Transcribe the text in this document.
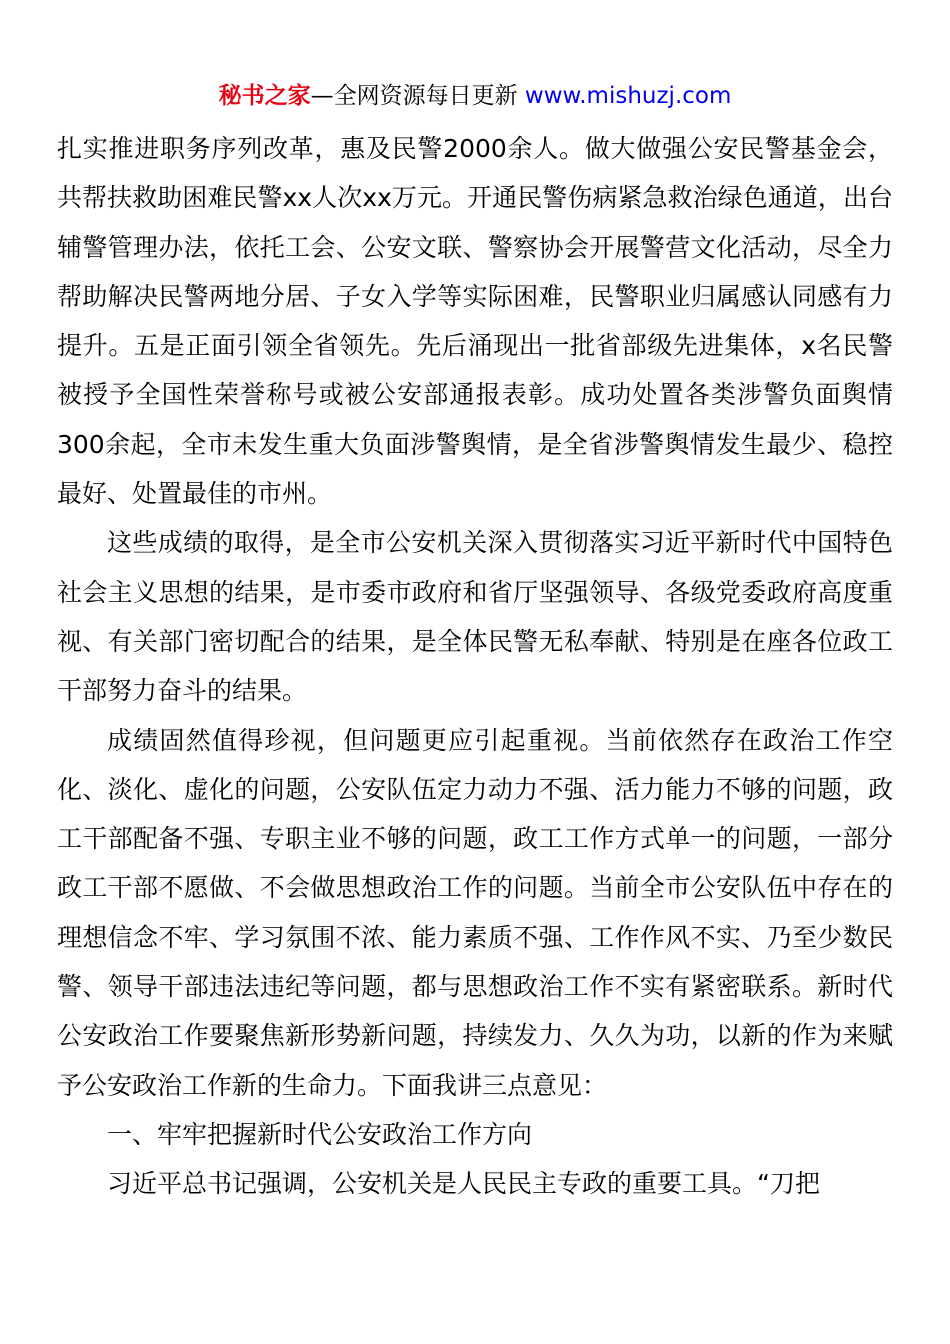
秘书之家—全网资源每日更新 www.mishuzj.com

扎实推进职务序列改革，惠及民警2000余人。做大做强公安民警基金会，共帮扶救助困难民警xx人次xx万元。开通民警伤病紧急救治绿色通道，出台辅警管理办法，依托工会、公安文联、警察协会开展警营文化活动，尽全力帮助解决民警两地分居、子女入学等实际困难，民警职业归属感认同感有力提升。五是正面引领全省领先。先后涌现出一批省部级先进集体，x名民警被授予全国性荣誉称号或被公安部通报表彰。成功处置各类涉警负面舆情300余起，全市未发生重大负面涉警舆情，是全省涉警舆情发生最少、稳控最好、处置最佳的市州。

这些成绩的取得，是全市公安机关深入贯彻落实习近平新时代中国特色社会主义思想的结果，是市委市政府和省厅坚强领导、各级党委政府高度重视、有关部门密切配合的结果，是全体民警无私奉献、特别是在座各位政工干部努力奋斗的结果。

成绩固然值得珍视，但问题更应引起重视。当前依然存在政治工作空化、淡化、虚化的问题，公安队伍定力动力不强、活力能力不够的问题，政工干部配备不强、专职主业不够的问题，政工工作方式单一的问题，一部分政工干部不愿做、不会做思想政治工作的问题。当前全市公安队伍中存在的理想信念不牢、学习氛围不浓、能力素质不强、工作作风不实、乃至少数民警、领导干部违法违纪等问题，都与思想政治工作不实有紧密联系。新时代公安政治工作要聚焦新形势新问题，持续发力、久久为功，以新的作为来赋予公安政治工作新的生命力。下面我讲三点意见：

一、牢牢把握新时代公安政治工作方向

习近平总书记强调，公安机关是人民民主专政的重要工具。“刀把
